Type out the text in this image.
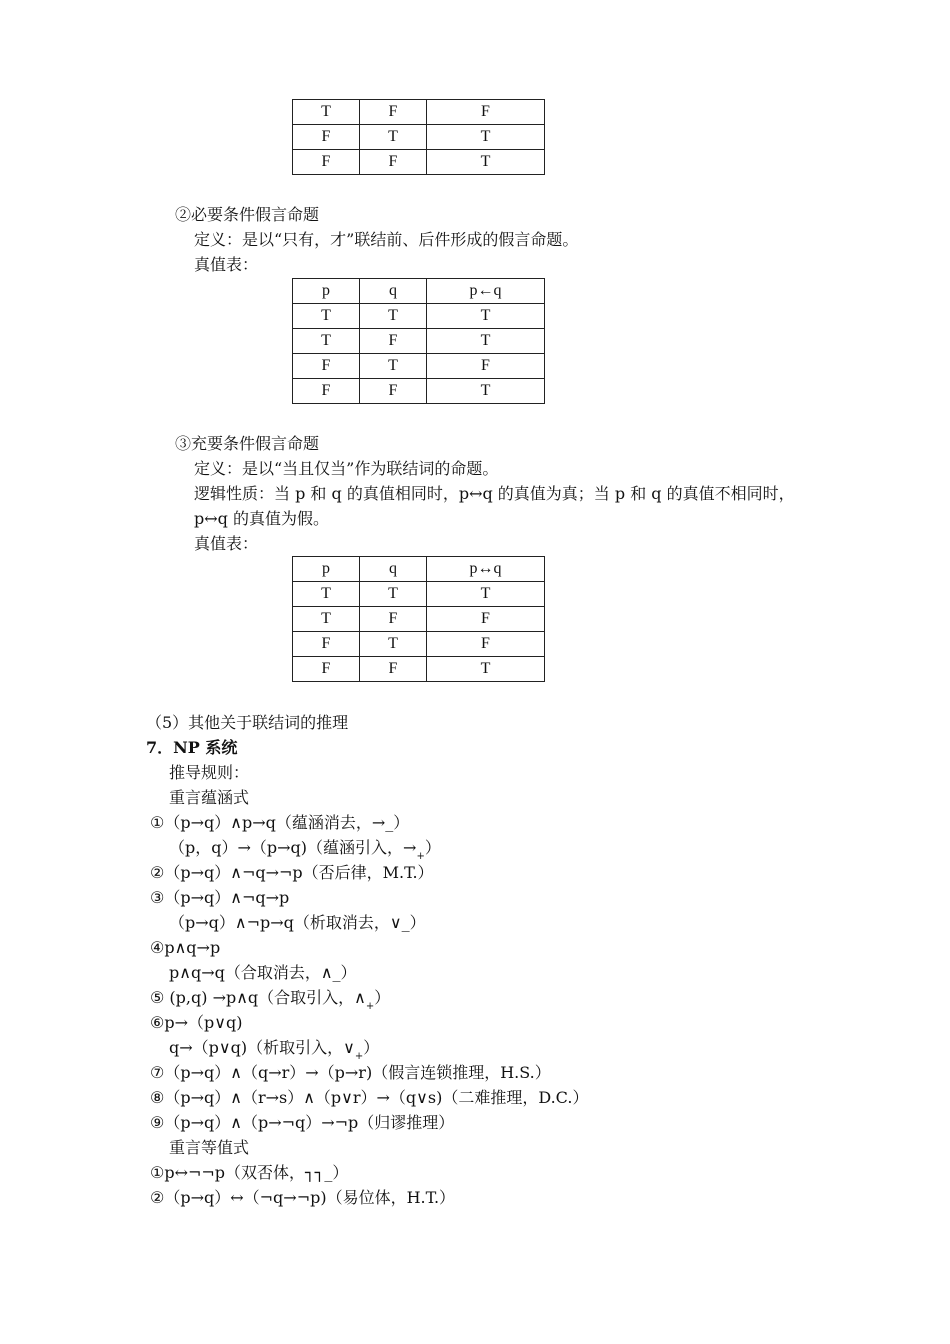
T	F	F
F	T	T
F	F	T
②必要条件假言命题
定义：是以“只有，才”联结前、后件形成的假言命题。
真值表：
p	q	p←q
T	T	T
T	F	T
F	T	F
F	F	T
③充要条件假言命题
定义：是以“当且仅当”作为联结词的命题。
逻辑性质：当 p 和 q 的真值相同时，p↔q 的真值为真；当 p 和 q 的真值不相同时，
p↔q 的真值为假。
真值表：
p	q	p↔q
T	T	T
T	F	F
F	T	F
F	F	T
（5）其他关于联结词的推理
7．NP 系统
推导规则：
重言蕴涵式
①（p→q）∧p→q（蕴涵消去，→_）
（p，q）→（p→q)（蕴涵引入，$\to_+$）
②（p→q）∧¬q→¬p（否后律，M.T.）
③（p→q）∧¬q→p
（p→q）∧¬p→q（析取消去，∨_）
④p∧q→p
p∧q→q（合取消去，∧_）
⑤ (p,q) →p∧q（合取引入，$\wedge_+$）
⑥p→（p∨q)
q→（p∨q)（析取引入，$\vee_+$）
⑦（p→q）∧（q→r）→（p→r)（假言连锁推理，H.S.）
⑧（p→q）∧（r→s）∧（p∨r）→（q∨s)（二难推理，D.C.）
⑨（p→q）∧（p→¬q）→¬p（归谬推理）
重言等值式
①p↔¬¬p（双否体，┐┐_）
②（p→q）↔（¬q→¬p)（易位体，H.T.）
